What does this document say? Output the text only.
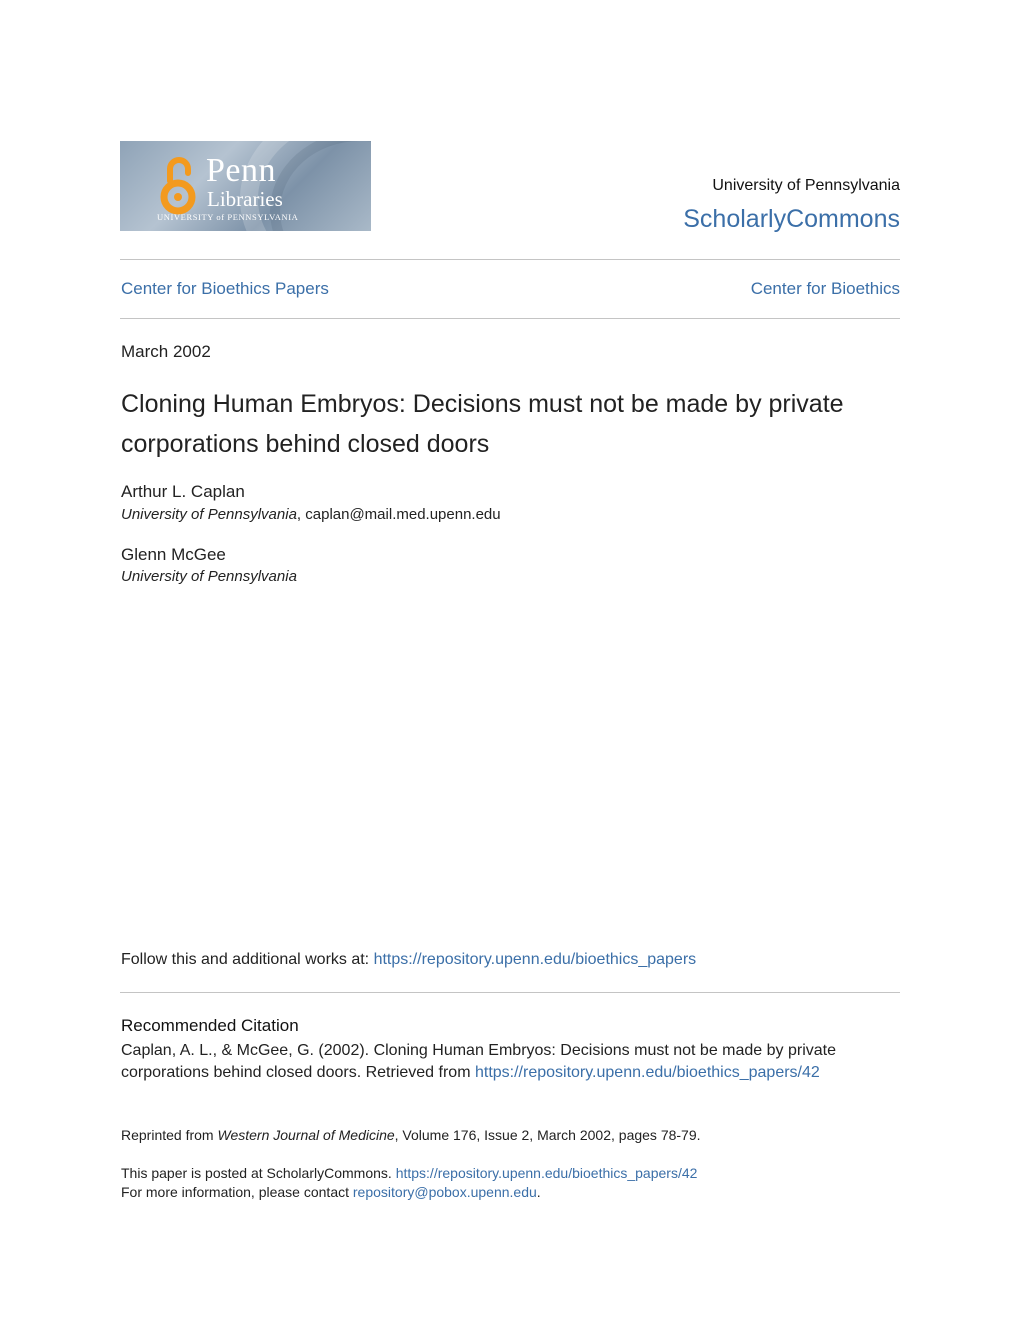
Penn
Libraries
UNIVERSITY of PENNSYLVANIA
University of Pennsylvania
ScholarlyCommons
Center for Bioethics Papers	Center for Bioethics
March 2002
Cloning Human Embryos: Decisions must not be made by private corporations behind closed doors
Arthur L. Caplan
University of Pennsylvania, caplan@mail.med.upenn.edu
Glenn McGee
University of Pennsylvania
Follow this and additional works at: https://repository.upenn.edu/bioethics_papers
Recommended Citation
Caplan, A. L., & McGee, G. (2002). Cloning Human Embryos: Decisions must not be made by private corporations behind closed doors. Retrieved from https://repository.upenn.edu/bioethics_papers/42
Reprinted from Western Journal of Medicine, Volume 176, Issue 2, March 2002, pages 78-79.
This paper is posted at ScholarlyCommons. https://repository.upenn.edu/bioethics_papers/42
For more information, please contact repository@pobox.upenn.edu.
